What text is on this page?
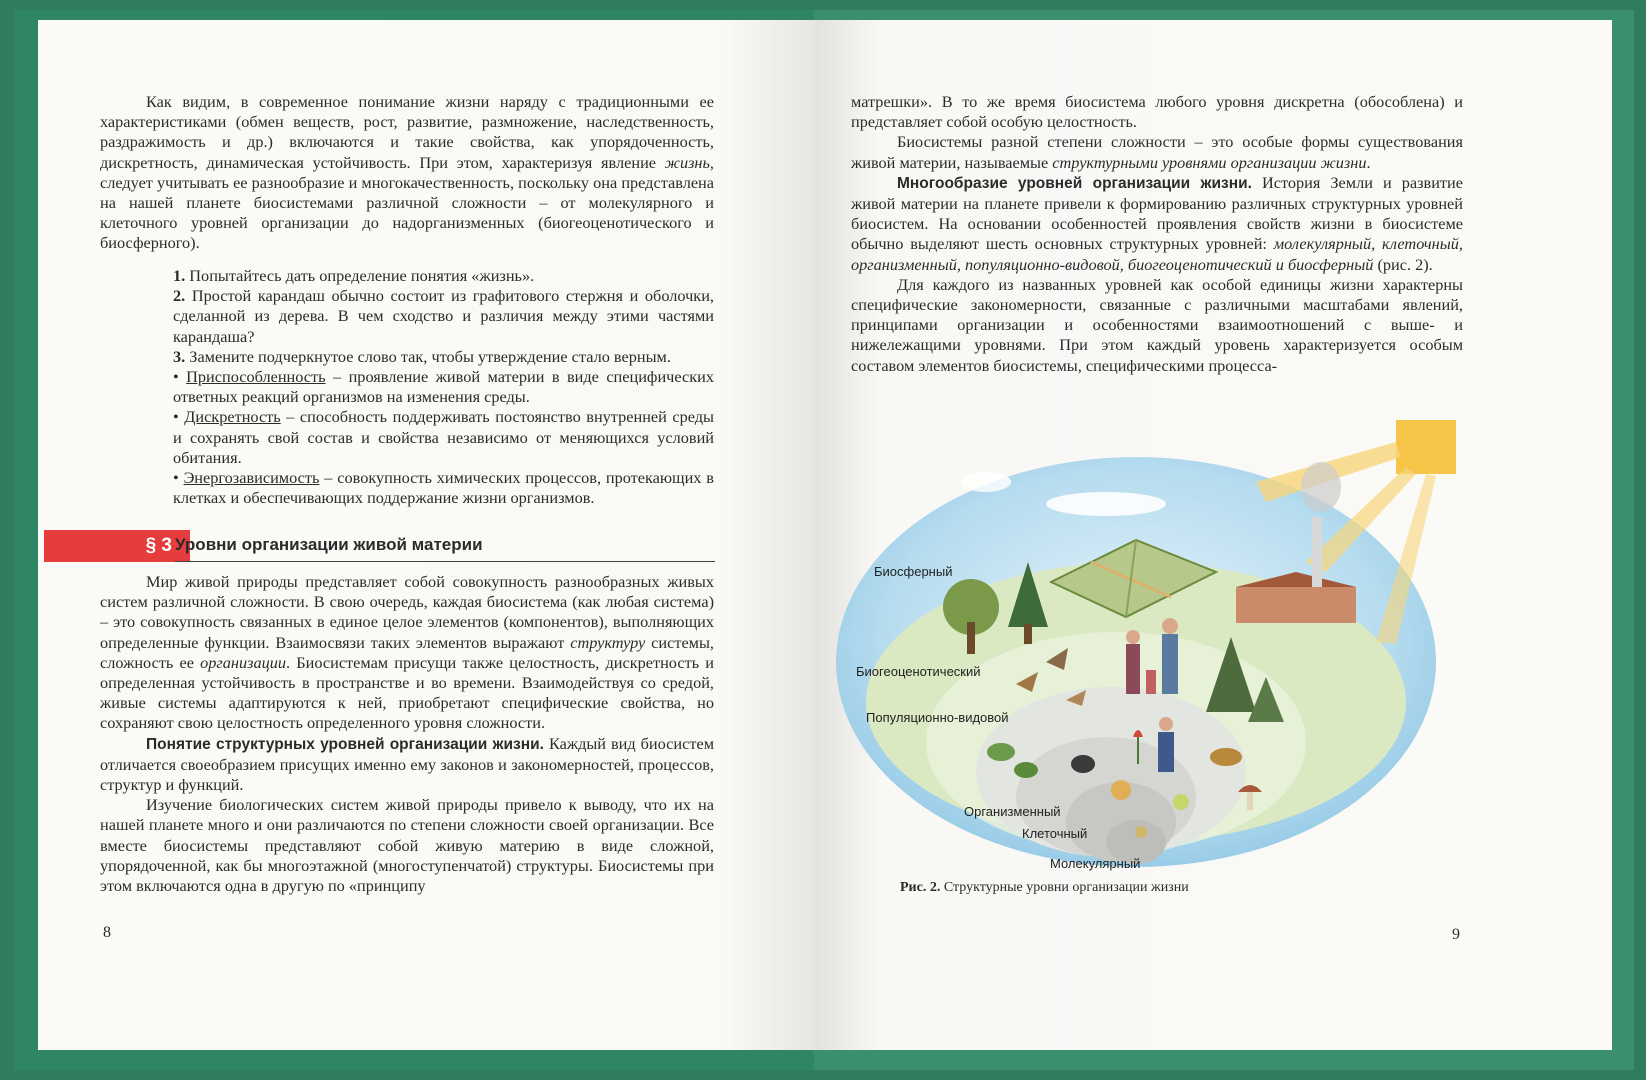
Как видим, в современное понимание жизни наряду с традиционными ее характеристиками (обмен веществ, рост, развитие, размножение, наследственность, раздражимость и др.) включаются и такие свойства, как упорядоченность, дискретность, динамическая устойчивость. При этом, характеризуя явление жизнь, следует учитывать ее разнообразие и многокачественность, поскольку она представлена на нашей планете биосистемами различной сложности – от молекулярного и клеточного уровней организации до надорганизменных (биогеоценотического и биосферного).

1. Попытайтесь дать определение понятия «жизнь».
2. Простой карандаш обычно состоит из графитового стержня и оболочки, сделанной из дерева. В чем сходство и различия между этими частями карандаша?
3. Замените подчеркнутое слово так, чтобы утверждение стало верным.
• Приспособленность – проявление живой материи в виде специфических ответных реакций организмов на изменения среды.
• Дискретность – способность поддерживать постоянство внутренней среды и сохранять свой состав и свойства независимо от меняющихся условий обитания.
• Энергозависимость – совокупность химических процессов, протекающих в клетках и обеспечивающих поддержание жизни организмов.
§ 3 Уровни организации живой материи

Мир живой природы представляет собой совокупность разнообразных живых систем различной сложности. В свою очередь, каждая биосистема (как любая система) – это совокупность связанных в единое целое элементов (компонентов), выполняющих определенные функции. Взаимосвязи таких элементов выражают структуру системы, сложность ее организации. Биосистемам присущи также целостность, дискретность и определенная устойчивость в пространстве и во времени. Взаимодействуя со средой, живые системы адаптируются к ней, приобретают специфические свойства, но сохраняют свою целостность определенного уровня сложности.

Понятие структурных уровней организации жизни. Каждый вид биосистем отличается своеобразием присущих именно ему законов и закономерностей, процессов, структур и функций.

Изучение биологических систем живой природы привело к выводу, что их на нашей планете много и они различаются по степени сложности своей организации. Все вместе биосистемы представляют собой живую материю в виде сложной, упорядоченной, как бы многоэтажной (многоступенчатой) структуры. Биосистемы при этом включаются одна в другую по «принципу

8

матрешки». В то же время биосистема любого уровня дискретна (обособлена) и представляет собой особую целостность.

Биосистемы разной степени сложности – это особые формы существования живой материи, называемые структурными уровнями организации жизни.

Многообразие уровней организации жизни. История Земли и развитие живой материи на планете привели к формированию различных структурных уровней биосистем. На основании особенностей проявления свойств жизни в биосистеме обычно выделяют шесть основных структурных уровней: молекулярный, клеточный, организменный, популяционно-видовой, биогеоценотический и биосферный (рис. 2).

Для каждого из названных уровней как особой единицы жизни характерны специфические закономерности, связанные с различными масштабами явлений, принципами организации и особенностями взаимоотношений с выше- и нижележащими уровнями. При этом каждый уровень характеризуется особым составом элементов биосистемы, специфическими процесса-

Биосферный
Биогеоценотический
Популяционно-видовой
Организменный
Клеточный
Молекулярный
Рис. 2. Структурные уровни организации жизни
9
